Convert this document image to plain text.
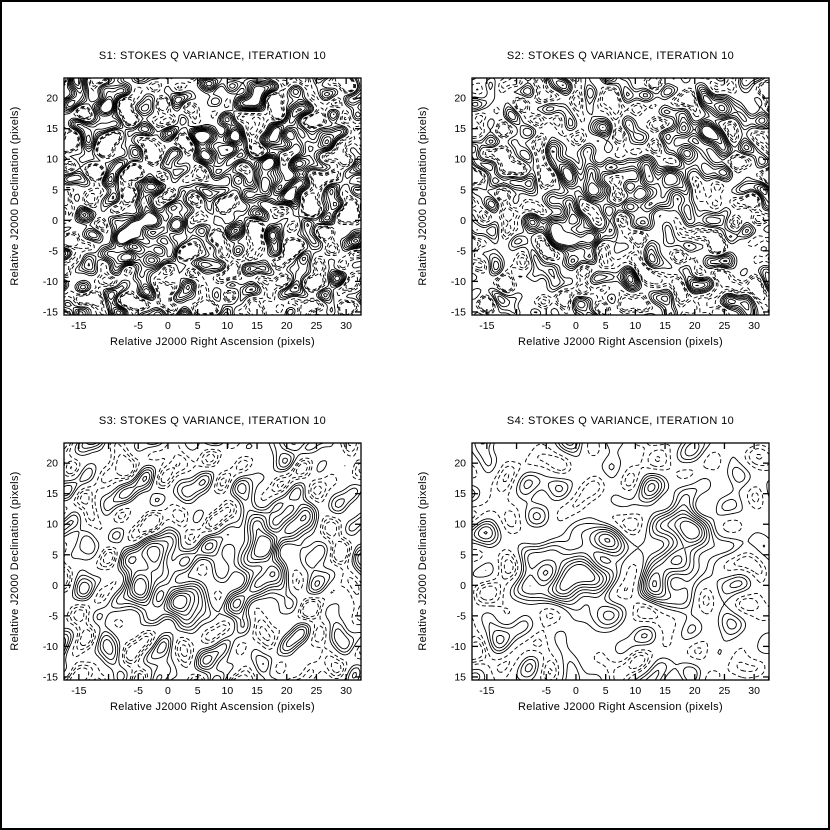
S1: STOKES Q VARIANCE, ITERATION 10
-15	-5 0 5 10 15 20 25 30
-15
-10
-5
0
5
10
15
20
Relative J2000 Right Ascension (pixels)
Relative J2000 Declination (pixels)
S2: STOKES Q VARIANCE, ITERATION 10
-15	-5 0 5 10 15 20 25 30
-15
-10
-5
0
5
10
15
20
Relative J2000 Right Ascension (pixels)
Relative J2000 Declination (pixels)
S3: STOKES Q VARIANCE, ITERATION 10
-15	-5 0 5 10 15 20 25 30
-15
-10
-5
0
5
10
15
20
Relative J2000 Right Ascension (pixels)
Relative J2000 Declination (pixels)
S4: STOKES Q VARIANCE, ITERATION 10
-15	-5 0 5 10 15 20 25 30
15
-10
-5
0
5
10
15
20
Relative J2000 Right Ascension (pixels)
Relative J2000 Declination (pixels)
